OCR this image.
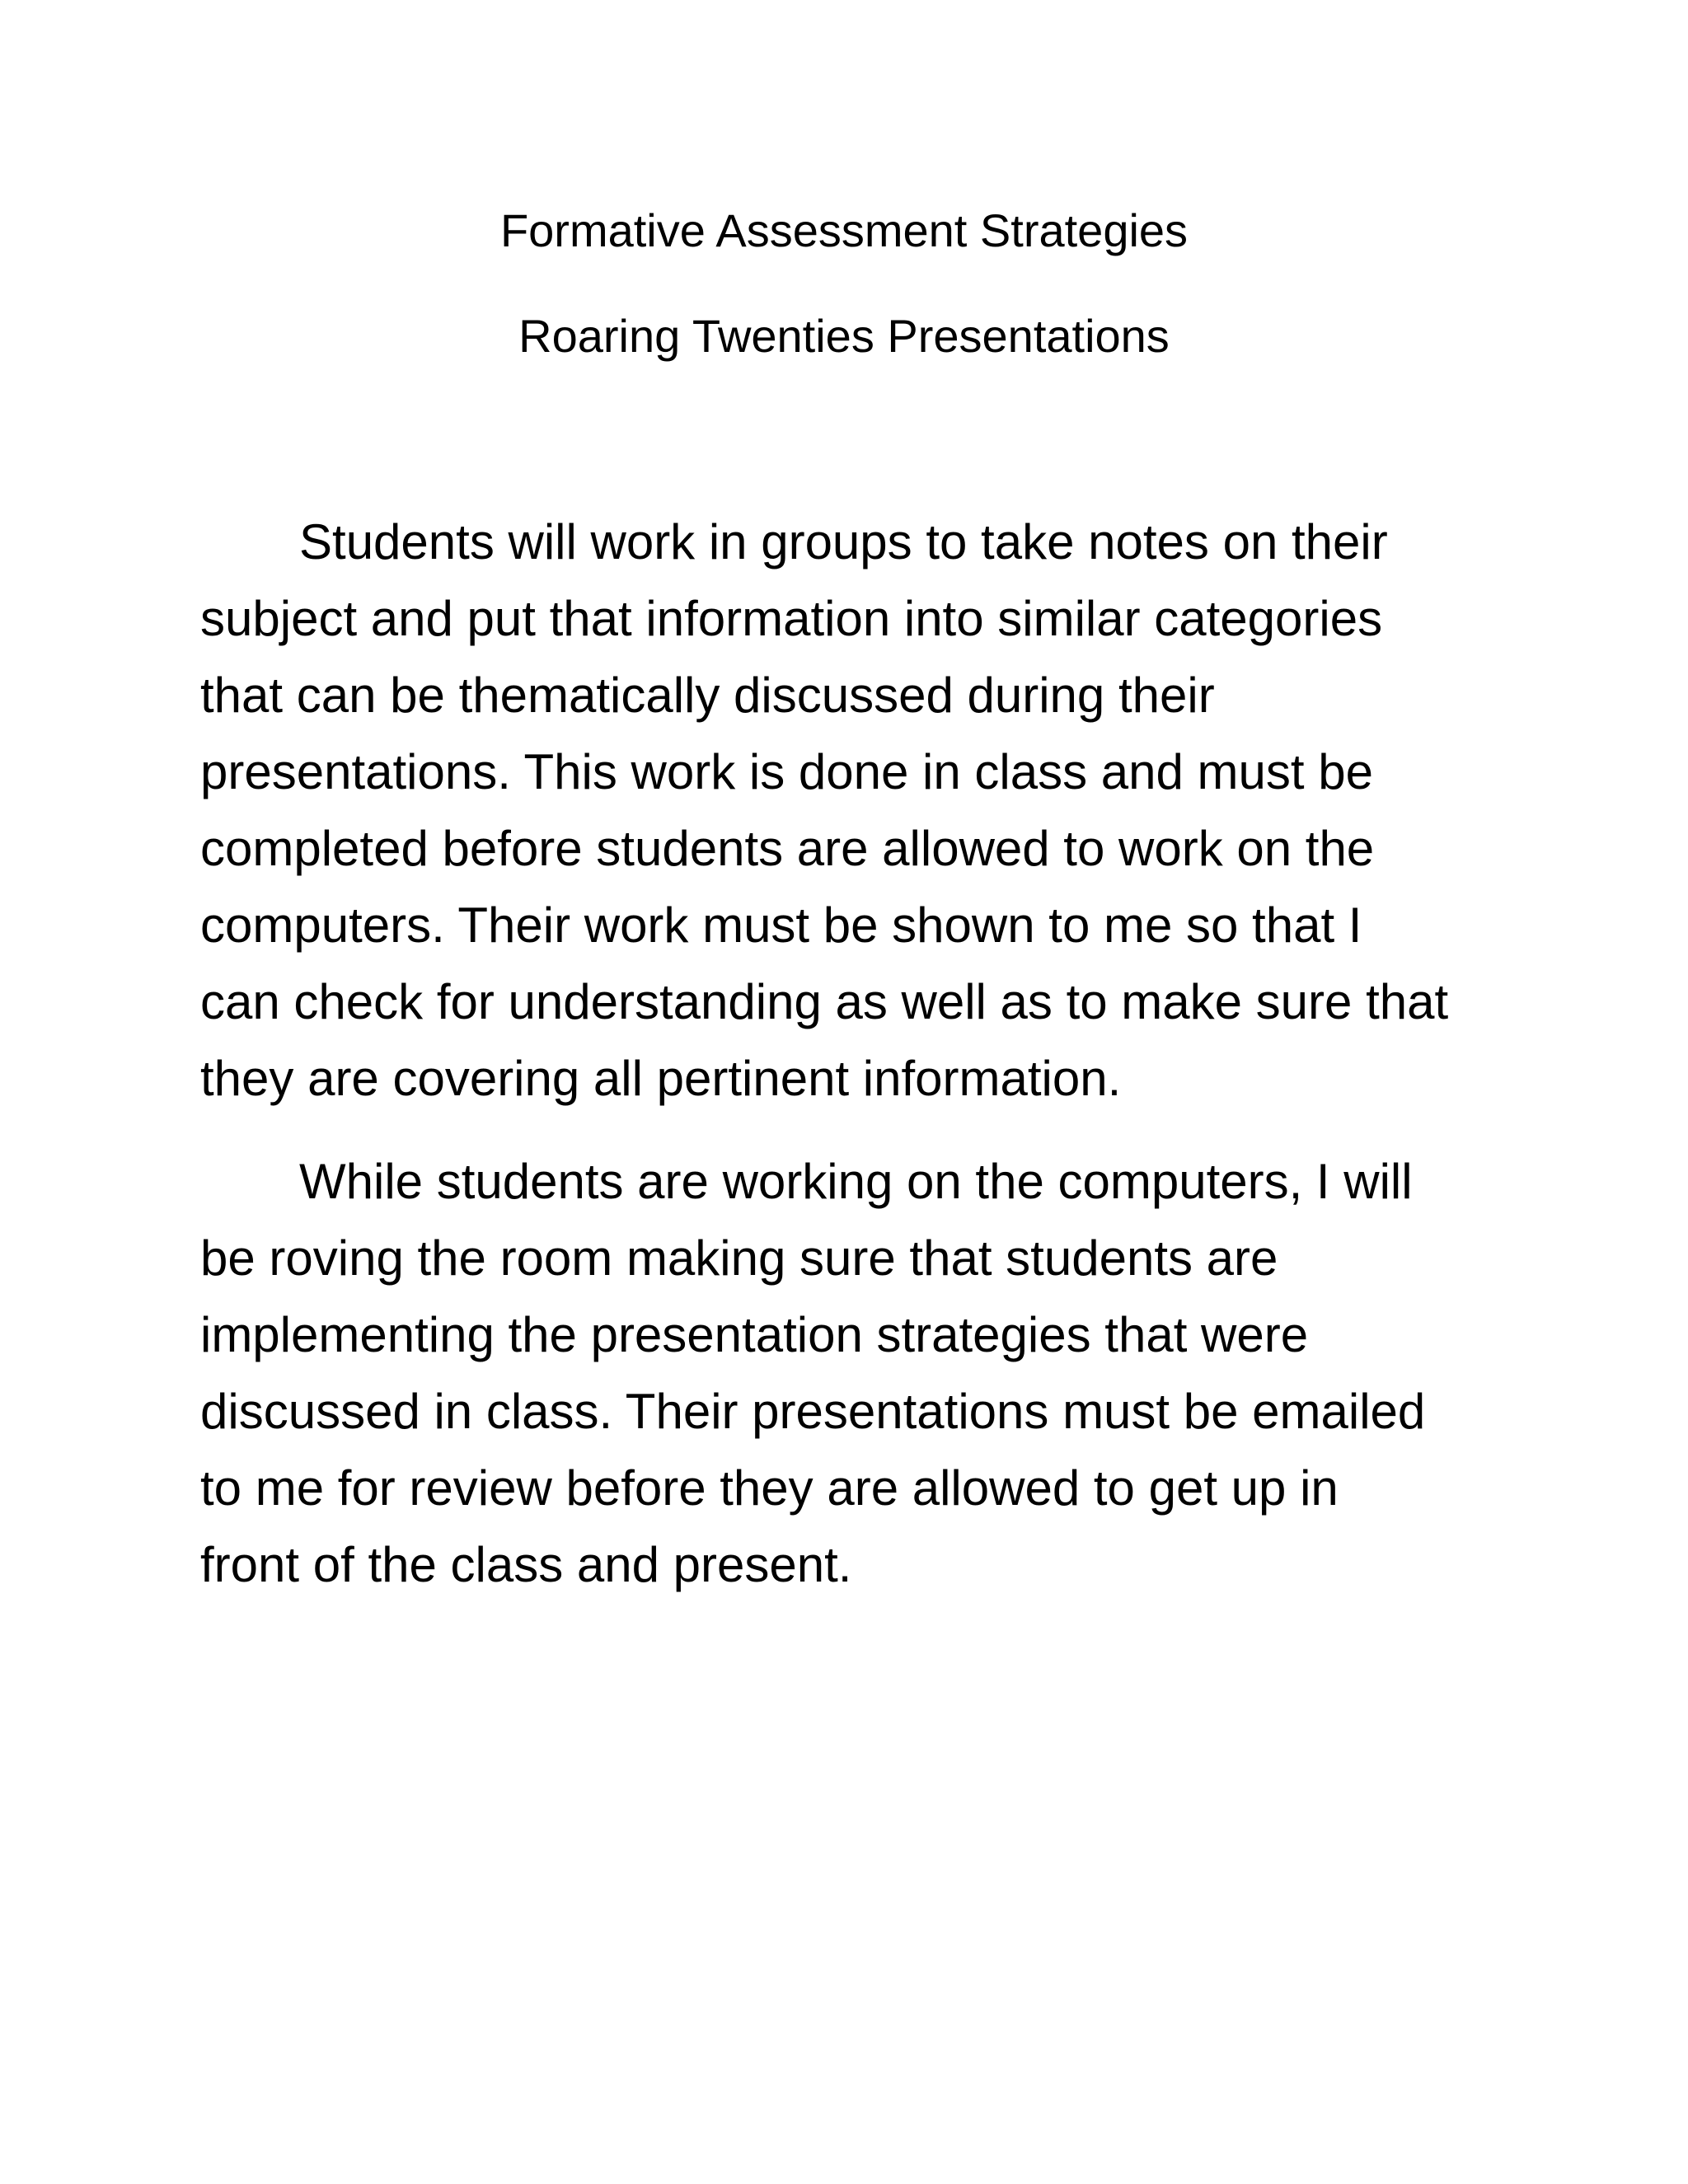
Formative Assessment Strategies
Roaring Twenties Presentations
Students will work in groups to take notes on their
subject and put that information into similar categories
that can be thematically discussed during their
presentations. This work is done in class and must be
completed before students are allowed to work on the
computers. Their work must be shown to me so that I
can check for understanding as well as to make sure that
they are covering all pertinent information.
While students are working on the computers, I will
be roving the room making sure that students are
implementing the presentation strategies that were
discussed in class. Their presentations must be emailed
to me for review before they are allowed to get up in
front of the class and present.
